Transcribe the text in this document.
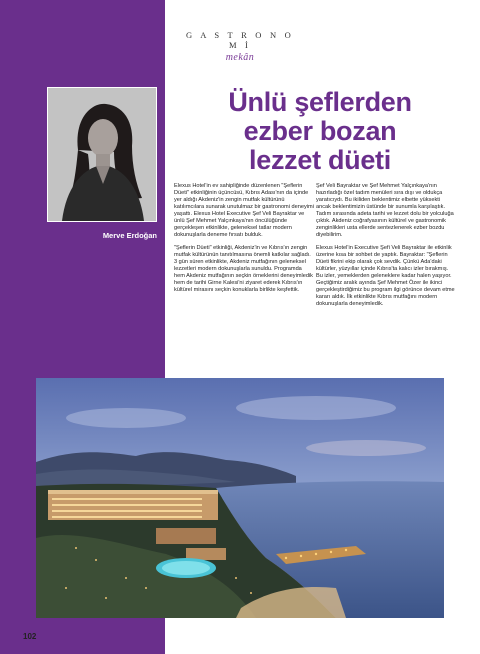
G A S T R O N O M İ
mekân
Merve Erdoğan
Ünlü şeflerden
ezber bozan
lezzet düeti

Elexus Hotel'in ev sahipliğinde düzenlenen "Şeflerin Düeti" etkinliğinin üçüncüsü, Kıbrıs Adası'nın da içinde yer aldığı Akdeniz'in zengin mutfak kültürünü katılımcılara sunarak unutulmaz bir gastronomi deneyimi yaşattı. Elexus Hotel Executive Şef Veli Bayraktar ve ünlü Şef Mehmet Yalçınkaya'nın öncülüğünde gerçekleşen etkinlikte, geleneksel tatlar modern dokunuşlarla deneme fırsatı bulduk.

"Şeflerin Düeti" etkinliği, Akdeniz'in ve Kıbrıs'ın zengin mutfak kültürünün tanıtılmasına önemli katkılar sağladı. 3 gün süren etkinlikte, Akdeniz mutfağının geleneksel lezzetleri modern dokunuşlarla sunuldu. Programda hem Akdeniz mutfağının seçkin örneklerini deneyimledik hem de tarihi Girne Kalesi'ni ziyaret ederek Kıbrıs'ın kültürel mirasını seçkin konuklarla birlikte keşfettik.

Şef Veli Bayraktar ve Şef Mehmet Yalçınkaya'nın hazırladığı özel tadım menüleri sıra dışı ve oldukça yaratıcıydı. Bu ikiliden beklentimiz elbette yüksekti ancak beklentimizin üstünde bir sunumla karşılaştık. Tadım sırasında adeta tarihi ve lezzet dolu bir yolculuğa çıktık. Akdeniz coğrafyasının kültürel ve gastronomik zenginlikleri usta ellerde sentezlenerek ezber bozdu diyebilirim.

Elexus Hotel'in Executive Şefi Veli Bayraktar ile etkinlik üzerine kısa bir sohbet de yaptık. Bayraktar: "Şeflerin Düeti fikrini ekip olarak çok sevdik. Çünkü Ada'daki kültürler, yüzyıllar içinde Kıbrıs'ta kalıcı izler bırakmış. Bu izler, yemeklerden geleneklere kadar halen yaşıyor. Geçtiğimiz aralık ayında Şef Mehmet Özer ile ikinci gerçekleştirdiğimiz bu program ilgi görünce devam etme kararı aldık. İlk etkinlikte Kıbrıs mutfağını modern dokunuşlarla deneyimledik.

102
